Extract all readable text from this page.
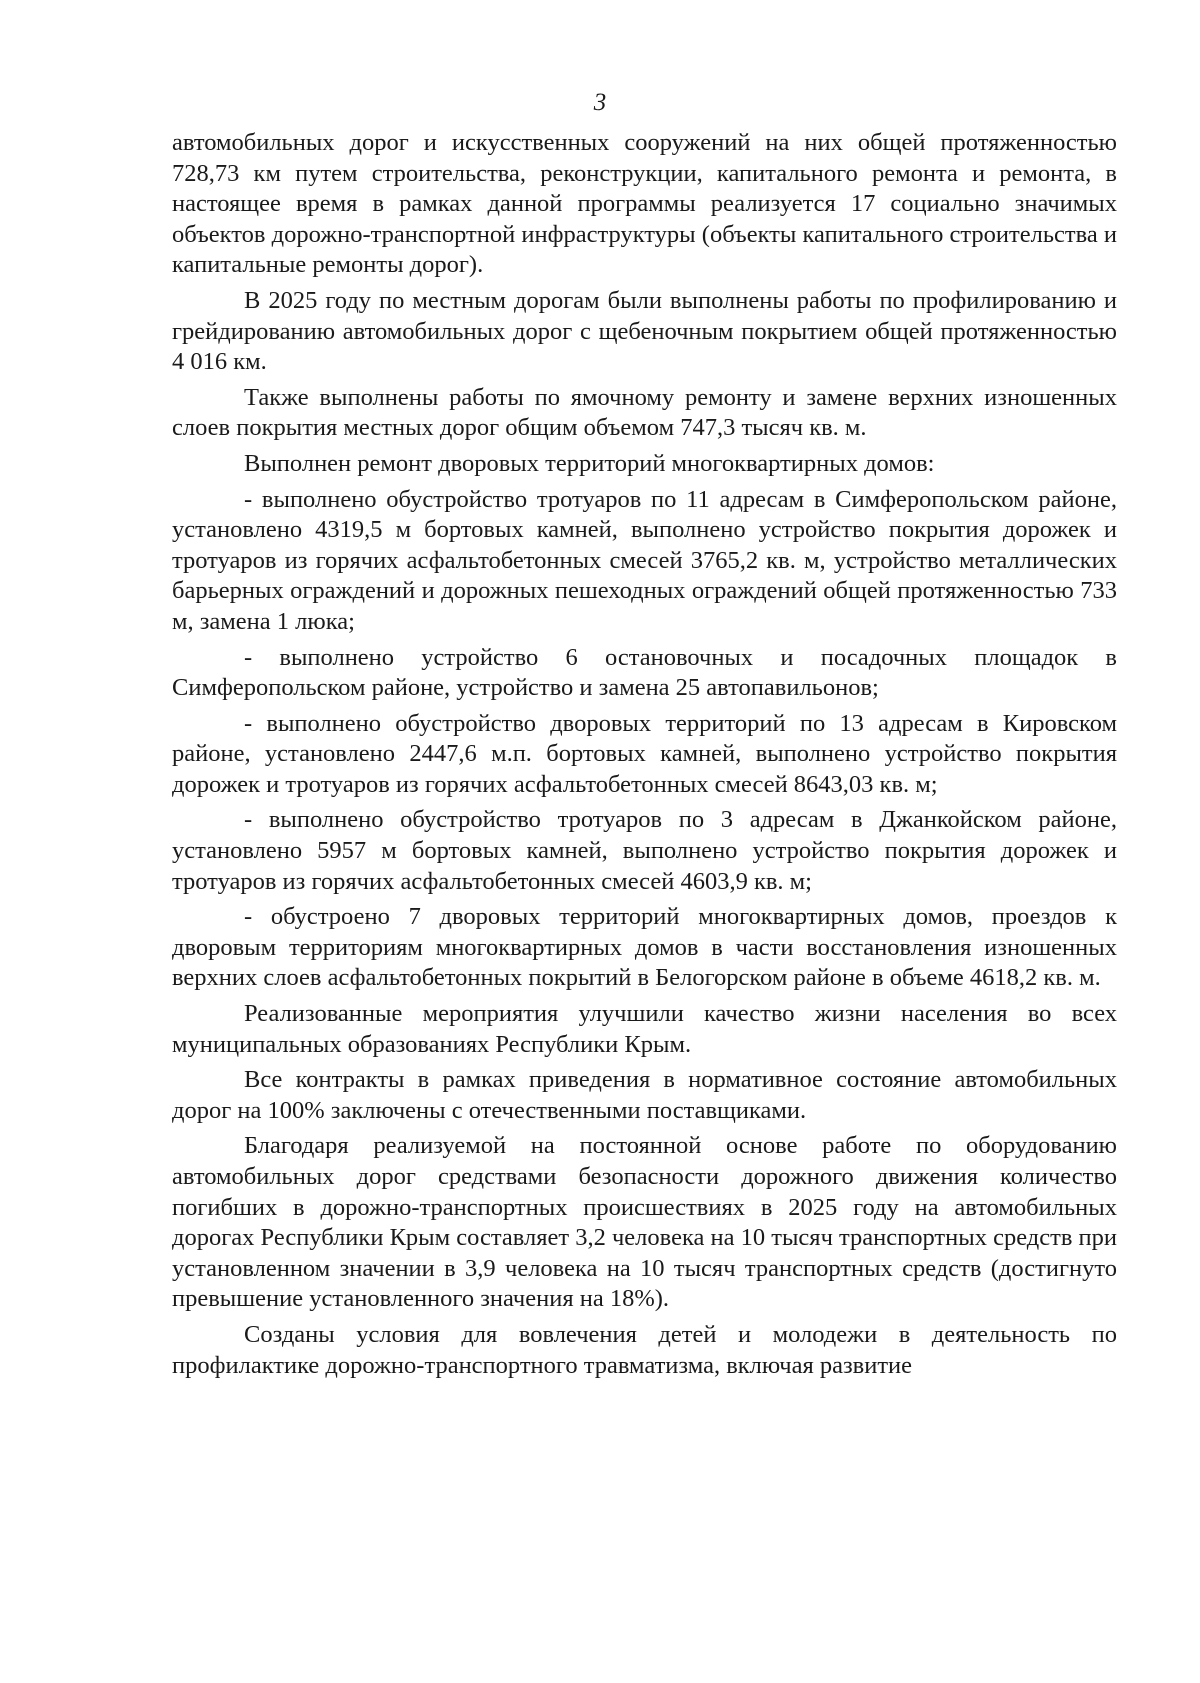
3

автомобильных дорог и искусственных сооружений на них общей протяженностью 728,73 км путем строительства, реконструкции, капитального ремонта и ремонта, в настоящее время в рамках данной программы реализуется 17 социально значимых объектов дорожно-транспортной инфраструктуры (объекты капитального строительства и капитальные ремонты дорог).

В 2025 году по местным дорогам были выполнены работы по профилированию и грейдированию автомобильных дорог с щебеночным покрытием общей протяженностью 4 016 км.

Также выполнены работы по ямочному ремонту и замене верхних изношенных слоев покрытия местных дорог общим объемом 747,3 тысяч кв. м.

Выполнен ремонт дворовых территорий многоквартирных домов:

- выполнено обустройство тротуаров по 11 адресам в Симферопольском районе, установлено 4319,5 м бортовых камней, выполнено устройство покрытия дорожек и тротуаров из горячих асфальтобетонных смесей 3765,2 кв. м, устройство металлических барьерных ограждений и дорожных пешеходных ограждений общей протяженностью 733 м, замена 1 люка;

- выполнено устройство 6 остановочных и посадочных площадок в Симферопольском районе, устройство и замена 25 автопавильонов;

- выполнено обустройство дворовых территорий по 13 адресам в Кировском районе, установлено 2447,6 м.п. бортовых камней, выполнено устройство покрытия дорожек и тротуаров из горячих асфальтобетонных смесей 8643,03 кв. м;

- выполнено обустройство тротуаров по 3 адресам в Джанкойском районе, установлено 5957 м бортовых камней, выполнено устройство покрытия дорожек и тротуаров из горячих асфальтобетонных смесей 4603,9 кв. м;

- обустроено 7 дворовых территорий многоквартирных домов, проездов к дворовым территориям многоквартирных домов в части восстановления изношенных верхних слоев асфальтобетонных покрытий в Белогорском районе в объеме 4618,2 кв. м.

Реализованные мероприятия улучшили качество жизни населения во всех муниципальных образованиях Республики Крым.

Все контракты в рамках приведения в нормативное состояние автомобильных дорог на 100% заключены с отечественными поставщиками.

Благодаря реализуемой на постоянной основе работе по оборудованию автомобильных дорог средствами безопасности дорожного движения количество погибших в дорожно-транспортных происшествиях в 2025 году на автомобильных дорогах Республики Крым составляет 3,2 человека на 10 тысяч транспортных средств при установленном значении в 3,9 человека на 10 тысяч транспортных средств (достигнуто превышение установленного значения на 18%).

Созданы условия для вовлечения детей и молодежи в деятельность по профилактике дорожно-транспортного травматизма, включая развитие
